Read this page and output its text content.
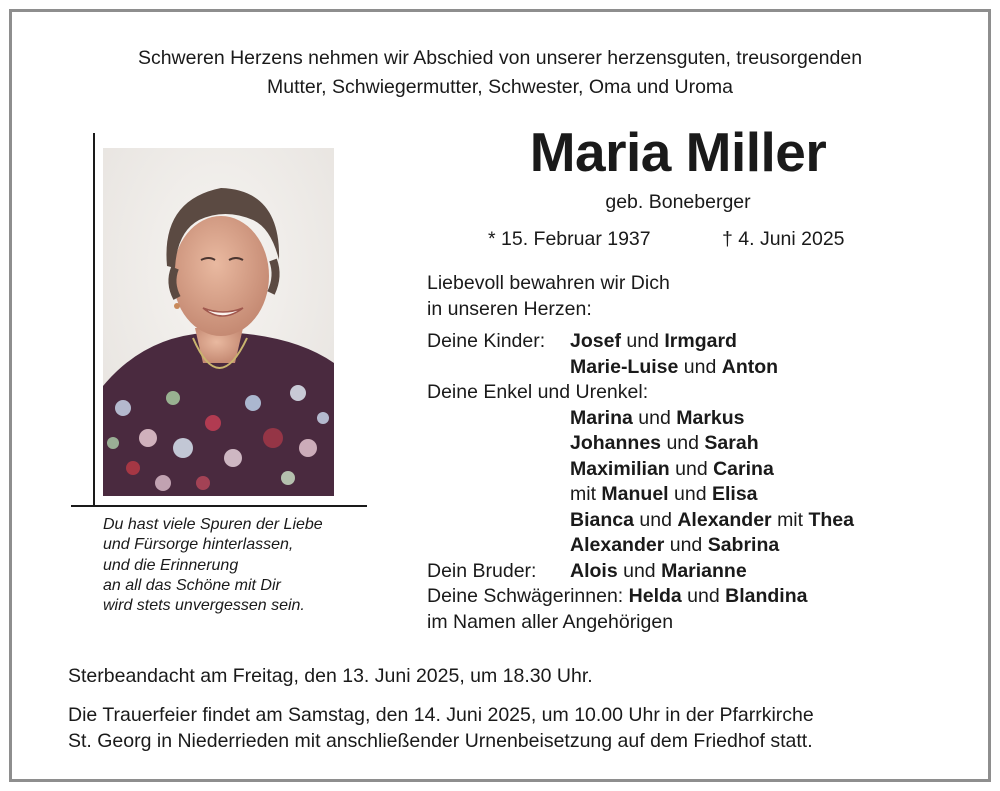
Schweren Herzens nehmen wir Abschied von unserer herzensguten, treusorgenden
Mutter, Schwiegermutter, Schwester, Oma und Uroma
Du hast viele Spuren der Liebe
und Fürsorge hinterlassen,
und die Erinnerung
an all das Schöne mit Dir
wird stets unvergessen sein.
Maria Miller
geb. Boneberger
* 15. Februar 1937	† 4. Juni 2025
Liebevoll bewahren wir Dich
in unseren Herzen:
Deine Kinder: Josef und Irmgard
Marie-Luise und Anton
Deine Enkel und Urenkel:
Marina und Markus
Johannes und Sarah
Maximilian und Carina
mit Manuel und Elisa
Bianca und Alexander mit Thea
Alexander und Sabrina
Dein Bruder: Alois und Marianne
Deine Schwägerinnen: Helda und Blandina
im Namen aller Angehörigen
Sterbeandacht am Freitag, den 13. Juni 2025, um 18.30 Uhr.
Die Trauerfeier findet am Samstag, den 14. Juni 2025, um 10.00 Uhr in der Pfarrkirche
St. Georg in Niederrieden mit anschließender Urnenbeisetzung auf dem Friedhof statt.
